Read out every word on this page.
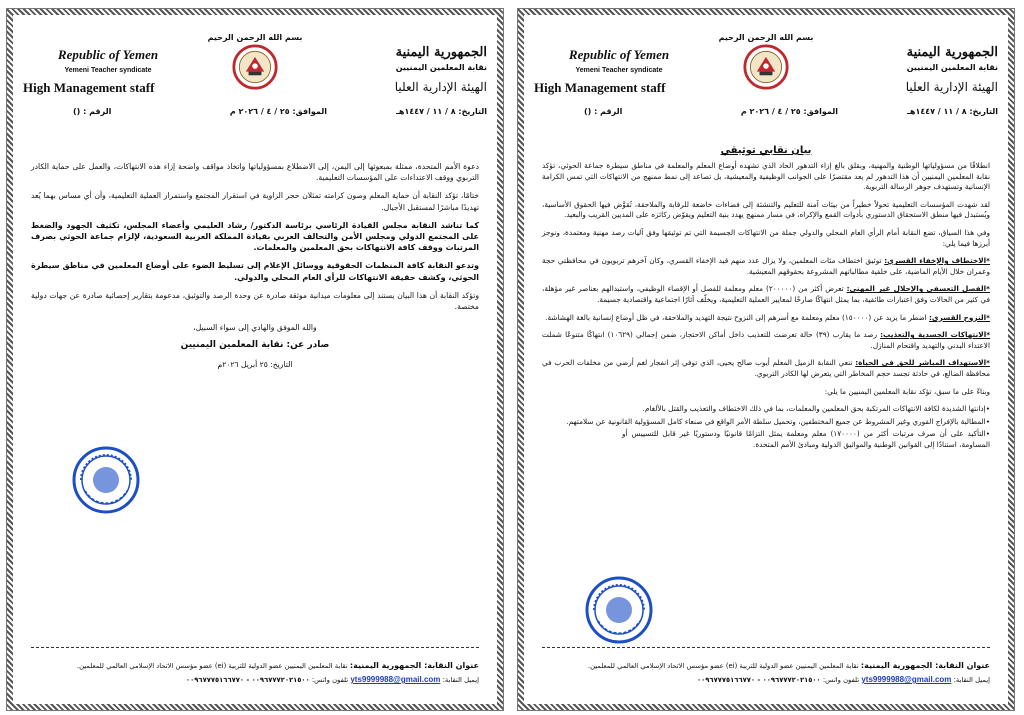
الجمهورية اليمنية
نقابة المعلمين اليمنيين
الهيئة الإدارية العليا
بسم الله الرحمن الرحيم
Republic of Yemen
Yemeni Teacher syndicate
High Management staff
التاريخ: ٨ / ١١ / ١٤٤٧هـ
الموافق: ٢٥ / ٤ / ٢٠٢٦ م
الرقم : ()

دعوة الأمم المتحدة، ممثلة بمبعوثها إلى اليمن، إلى الاضطلاع بمسؤولياتها واتخاذ مواقف واضحة إزاء هذه الانتهاكات، والعمل على حماية الكادر التربوي ووقف الاعتداءات على المؤسسات التعليمية.

ختامًا، تؤكد النقابة أن حماية المعلم وصون كرامته تمثلان حجر الزاوية في استقرار المجتمع واستمرار العملية التعليمية، وأن أي مساس بهما يُعد تهديدًا مباشرًا لمستقبل الأجيال.

كما تناشد النقابة مجلس القيادة الرئاسي برئاسة الدكتور/ رشاد العليمي وأعضاء المجلس، تكثيف الجهود والضغط على المجتمع الدولي ومجلس الأمن والتحالف العربي بقيادة المملكة العربية السعودية، لإلزام جماعة الحوثي بصرف المرتبات ووقف كافة الانتهاكات بحق المعلمين والمعلمات.

وتدعو النقابة كافة المنظمات الحقوقية ووسائل الإعلام إلى تسليط الضوء على أوضاع المعلمين في مناطق سيطرة الحوثي، وكشف حقيقة الانتهاكات للرأي العام المحلي والدولي.

وتؤكد النقابة أن هذا البيان يستند إلى معلومات ميدانية موثقة صادرة عن وحدة الرصد والتوثيق، مدعومة بتقارير إحصائية صادرة عن جهات دولية مختصة.

والله الموفق والهادي إلى سواء السبيل،

صادر عن: نقابة المعلمين اليمنيين

التاريخ: ٢٥ أبريل ٢٠٢٦م

عنوان النقابة: الجمهورية اليمنية: نقابة المعلمين اليمنيين عضو الدولية للتربية (ei) عضو مؤسس الاتحاد الإسلامي العالمي للمعلمين.
إيميل النقابة: yts9999988@gmail.com تلفون واتس: ٠٠٩٦٧٧٧٢٠٢١٥٠٠ - ٠٠٩٦٧٧٧٥١٦٦٧٧٠
الجمهورية اليمنية
نقابة المعلمين اليمنيين
الهيئة الإدارية العليا
بسم الله الرحمن الرحيم
Republic of Yemen
Yemeni Teacher syndicate
High Management staff
التاريخ: ٨ / ١١ / ١٤٤٧هـ
الموافق: ٢٥ / ٤ / ٢٠٢٦ م
الرقم : ()
بيان نقابي توثيقي

انطلاقًا من مسؤولياتها الوطنية والمهنية، وبقلق بالغ إزاء التدهور الحاد الذي تشهده أوضاع المعلم والمعلمة في مناطق سيطرة جماعة الحوثي، تؤكد نقابة المعلمين اليمنيين أن هذا التدهور لم يعد مقتصرًا على الجوانب الوظيفية والمعيشية، بل تصاعد إلى نمط ممنهج من الانتهاكات التي تمس الكرامة الإنسانية وتستهدف جوهر الرسالة التربوية.

لقد شهدت المؤسسات التعليمية تحولاً خطيراً من بيئات آمنة للتعليم والتنشئة إلى فضاءات خاضعة للرقابة والملاحقة، تُقوَّض فيها الحقوق الأساسية، ويُستبدل فيها منطق الاستحقاق الدستوري بأدوات القمع والإكراه، في مسار ممنهج يهدد بنية التعليم ويقوّض ركائزه على المديين القريب والبعيد.

وفي هذا السياق، تضع النقابة أمام الرأي العام المحلي والدولي جملة من الانتهاكات الجسيمة التي تم توثيقها وفق آليات رصد مهنية ومعتمدة، ونوجز أبرزها فيما يلي:

*الاختطاف والإخفاء القسري: توثيق اختطاف مئات المعلمين، ولا يزال عدد منهم قيد الإخفاء القسري، وكان آخرهم تربويون في محافظتي حجة وعمران خلال الأيام الماضية، على خلفية مطالباتهم المشروعة بحقوقهم المعيشية.

*الفصل التعسفي والإحلال غير المهني: تعرض أكثر من (٢٠٠٠٠٠) معلم ومعلمة للفصل أو الإقصاء الوظيفي، واستبدالهم بعناصر غير مؤهلة، في كثير من الحالات وفق اعتبارات طائفية، بما يمثل انتهاكًا صارخًا لمعايير العملية التعليمية، ويخلّف آثارًا اجتماعية واقتصادية جسيمة.

*النزوح القسري: اضطر ما يزيد عن (١٥٠٠٠٠) معلم ومعلمة مع أسرهم إلى النزوح نتيجة التهديد والملاحقة، في ظل أوضاع إنسانية بالغة الهشاشة.

*الانتهاكات الجسدية والتعذيب: رصد ما يقارب (٣٩) حالة تعرضت للتعذيب داخل أماكن الاحتجاز، ضمن إجمالي (١٠٦٢٩) انتهاكًا متنوعًا شملت الاعتداء البدني والتهديد واقتحام المنازل.

*الاستهداف المباشر للحق في الحياة: تنعي النقابة الزميل المعلم أيوب صالح يحيى، الذي توفي إثر انفجار لغم أرضي من مخلفات الحرب في محافظة الضالع، في حادثة تجسد حجم المخاطر التي يتعرض لها الكادر التربوي.

وبناءً على ما سبق، تؤكد نقابة المعلمين اليمنيين ما يلي:

•إدانتها الشديدة لكافة الانتهاكات المرتكبة بحق المعلمين والمعلمات، بما في ذلك الاختطاف والتعذيب والقتل بالألغام.

•المطالبة بالإفراج الفوري وغير المشروط عن جميع المختطفين، وتحميل سلطة الأمر الواقع في صنعاء كامل المسؤولية القانونية عن سلامتهم.

•التأكيد على أن صرف مرتبات أكثر من (١٧٠٠٠٠) معلم ومعلمة يمثل التزامًا قانونيًا ودستوريًا غير قابل للتسييس أو المساومة، استنادًا إلى القوانين الوطنية والمواثيق الدولية ومبادئ الأمم المتحدة.

عنوان النقابة: الجمهورية اليمنية: نقابة المعلمين اليمنيين عضو الدولية للتربية (ei) عضو مؤسس الاتحاد الإسلامي العالمي للمعلمين.
إيميل النقابة: yts9999988@gmail.com تلفون واتس: ٠٠٩٦٧٧٧٢٠٢١٥٠٠ - ٠٠٩٦٧٧٧٥١٦٦٧٧٠
